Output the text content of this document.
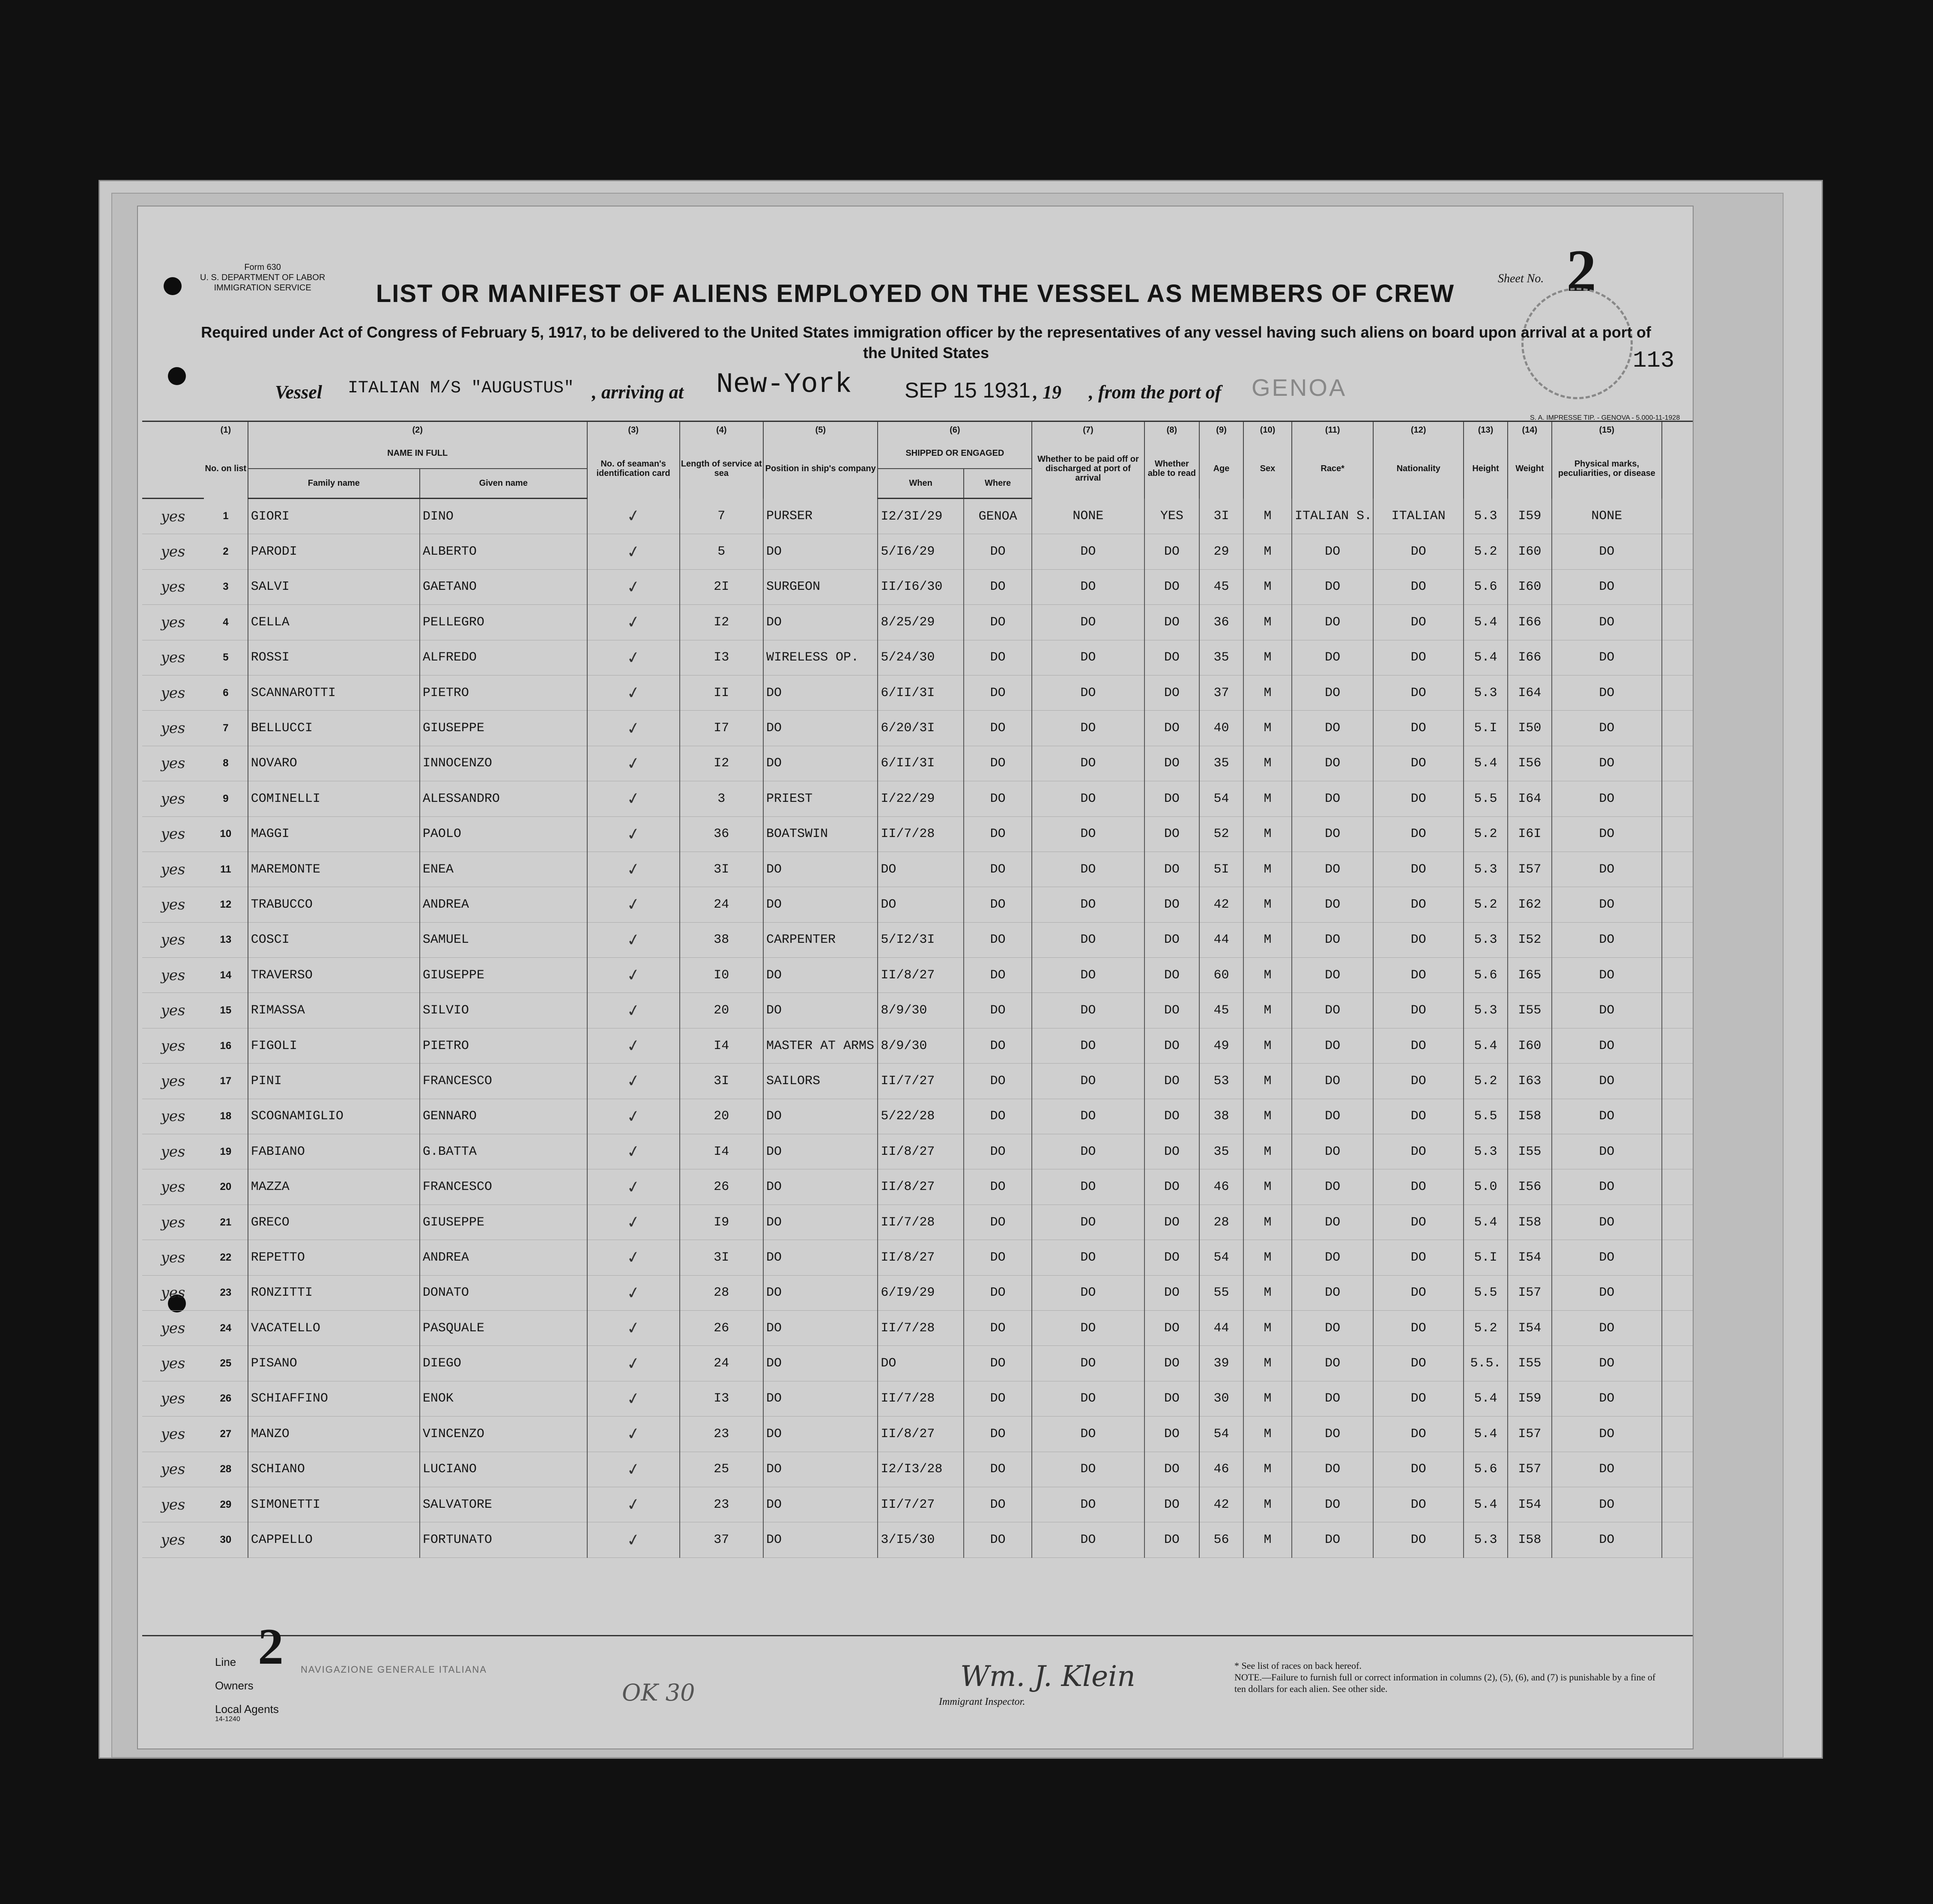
Form 630
U. S. DEPARTMENT OF LABOR
IMMIGRATION SERVICE
Sheet No. 2
113
LIST OR MANIFEST OF ALIENS EMPLOYED ON THE VESSEL AS MEMBERS OF CREW
Required under Act of Congress of February 5, 1917, to be delivered to the United States immigration officer by the representatives of any vessel having such aliens on board upon arrival at a port of the United States
Vessel ITALIAN M/S "AUGUSTUS" , arriving at New-York SEP 15 1931 , 19 , from the port of GENOA
S. A. IMPRESSE TIP. - GENOVA - 5.000-11-1928
	(1)	(2)		(3)	(4)	(5)	(6)		(7)	(8)	(9)	(10)	(11)	(12)	(13)	(14)	(15)	
	No. on list	NAME IN FULL		No. of seaman's identification card	Length of service at sea	Position in ship's company	SHIPPED OR ENGAGED		Whether to be paid off or discharged at port of arrival	Whether able to read	Age	Sex	Race*	Nationality	Height	Weight	Physical marks, peculiarities, or disease	
		Family name	Given name				When	Where										
yes	1	GIORI	DINO	✓	7	PURSER	I2/3I/29	GENOA	NONE	YES	3I	M	ITALIAN S.	ITALIAN	5.3	I59	NONE	
yes	2	PARODI	ALBERTO	✓	5	DO	5/I6/29	DO	DO	DO	29	M	DO	DO	5.2	I60	DO	
yes	3	SALVI	GAETANO	✓	2I	SURGEON	II/I6/30	DO	DO	DO	45	M	DO	DO	5.6	I60	DO	
yes	4	CELLA	PELLEGRO	✓	I2	DO	8/25/29	DO	DO	DO	36	M	DO	DO	5.4	I66	DO	
yes	5	ROSSI	ALFREDO	✓	I3	WIRELESS OP.	5/24/30	DO	DO	DO	35	M	DO	DO	5.4	I66	DO	
yes	6	SCANNAROTTI	PIETRO	✓	II	DO	6/II/3I	DO	DO	DO	37	M	DO	DO	5.3	I64	DO	
yes	7	BELLUCCI	GIUSEPPE	✓	I7	DO	6/20/3I	DO	DO	DO	40	M	DO	DO	5.I	I50	DO	
yes	8	NOVARO	INNOCENZO	✓	I2	DO	6/II/3I	DO	DO	DO	35	M	DO	DO	5.4	I56	DO	
yes	9	COMINELLI	ALESSANDRO	✓	3	PRIEST	I/22/29	DO	DO	DO	54	M	DO	DO	5.5	I64	DO	
yes	10	MAGGI	PAOLO	✓	36	BOATSWIN	II/7/28	DO	DO	DO	52	M	DO	DO	5.2	I6I	DO	
yes	11	MAREMONTE	ENEA	✓	3I	DO	DO	DO	DO	DO	5I	M	DO	DO	5.3	I57	DO	
yes	12	TRABUCCO	ANDREA	✓	24	DO	DO	DO	DO	DO	42	M	DO	DO	5.2	I62	DO	
yes	13	COSCI	SAMUEL	✓	38	CARPENTER	5/I2/3I	DO	DO	DO	44	M	DO	DO	5.3	I52	DO	
yes	14	TRAVERSO	GIUSEPPE	✓	I0	DO	II/8/27	DO	DO	DO	60	M	DO	DO	5.6	I65	DO	
yes	15	RIMASSA	SILVIO	✓	20	DO	8/9/30	DO	DO	DO	45	M	DO	DO	5.3	I55	DO	
yes	16	FIGOLI	PIETRO	✓	I4	MASTER AT ARMS	8/9/30	DO	DO	DO	49	M	DO	DO	5.4	I60	DO	
yes	17	PINI	FRANCESCO	✓	3I	SAILORS	II/7/27	DO	DO	DO	53	M	DO	DO	5.2	I63	DO	
yes	18	SCOGNAMIGLIO	GENNARO	✓	20	DO	5/22/28	DO	DO	DO	38	M	DO	DO	5.5	I58	DO	
yes	19	FABIANO	G.BATTA	✓	I4	DO	II/8/27	DO	DO	DO	35	M	DO	DO	5.3	I55	DO	
yes	20	MAZZA	FRANCESCO	✓	26	DO	II/8/27	DO	DO	DO	46	M	DO	DO	5.0	I56	DO	
yes	21	GRECO	GIUSEPPE	✓	I9	DO	II/7/28	DO	DO	DO	28	M	DO	DO	5.4	I58	DO	
yes	22	REPETTO	ANDREA	✓	3I	DO	II/8/27	DO	DO	DO	54	M	DO	DO	5.I	I54	DO	
yes	23	RONZITTI	DONATO	✓	28	DO	6/I9/29	DO	DO	DO	55	M	DO	DO	5.5	I57	DO	
yes	24	VACATELLO	PASQUALE	✓	26	DO	II/7/28	DO	DO	DO	44	M	DO	DO	5.2	I54	DO	
yes	25	PISANO	DIEGO	✓	24	DO	DO	DO	DO	DO	39	M	DO	DO	5.5.	I55	DO	
yes	26	SCHIAFFINO	ENOK	✓	I3	DO	II/7/28	DO	DO	DO	30	M	DO	DO	5.4	I59	DO	
yes	27	MANZO	VINCENZO	✓	23	DO	II/8/27	DO	DO	DO	54	M	DO	DO	5.4	I57	DO	
yes	28	SCHIANO	LUCIANO	✓	25	DO	I2/I3/28	DO	DO	DO	46	M	DO	DO	5.6	I57	DO	
yes	29	SIMONETTI	SALVATORE	✓	23	DO	II/7/27	DO	DO	DO	42	M	DO	DO	5.4	I54	DO	
yes	30	CAPPELLO	FORTUNATO	✓	37	DO	3/I5/30	DO	DO	DO	56	M	DO	DO	5.3	I58	DO	
2
Line
Owners
Local Agents
14-1240
NAVIGAZIONE GENERALE ITALIANA
OK 30	Wm. J. Klein
Immigrant Inspector.
* See list of races on back hereof.
NOTE.—Failure to furnish full or correct information in columns (2), (5), (6), and (7) is punishable by a fine of ten dollars for each alien. See other side.
